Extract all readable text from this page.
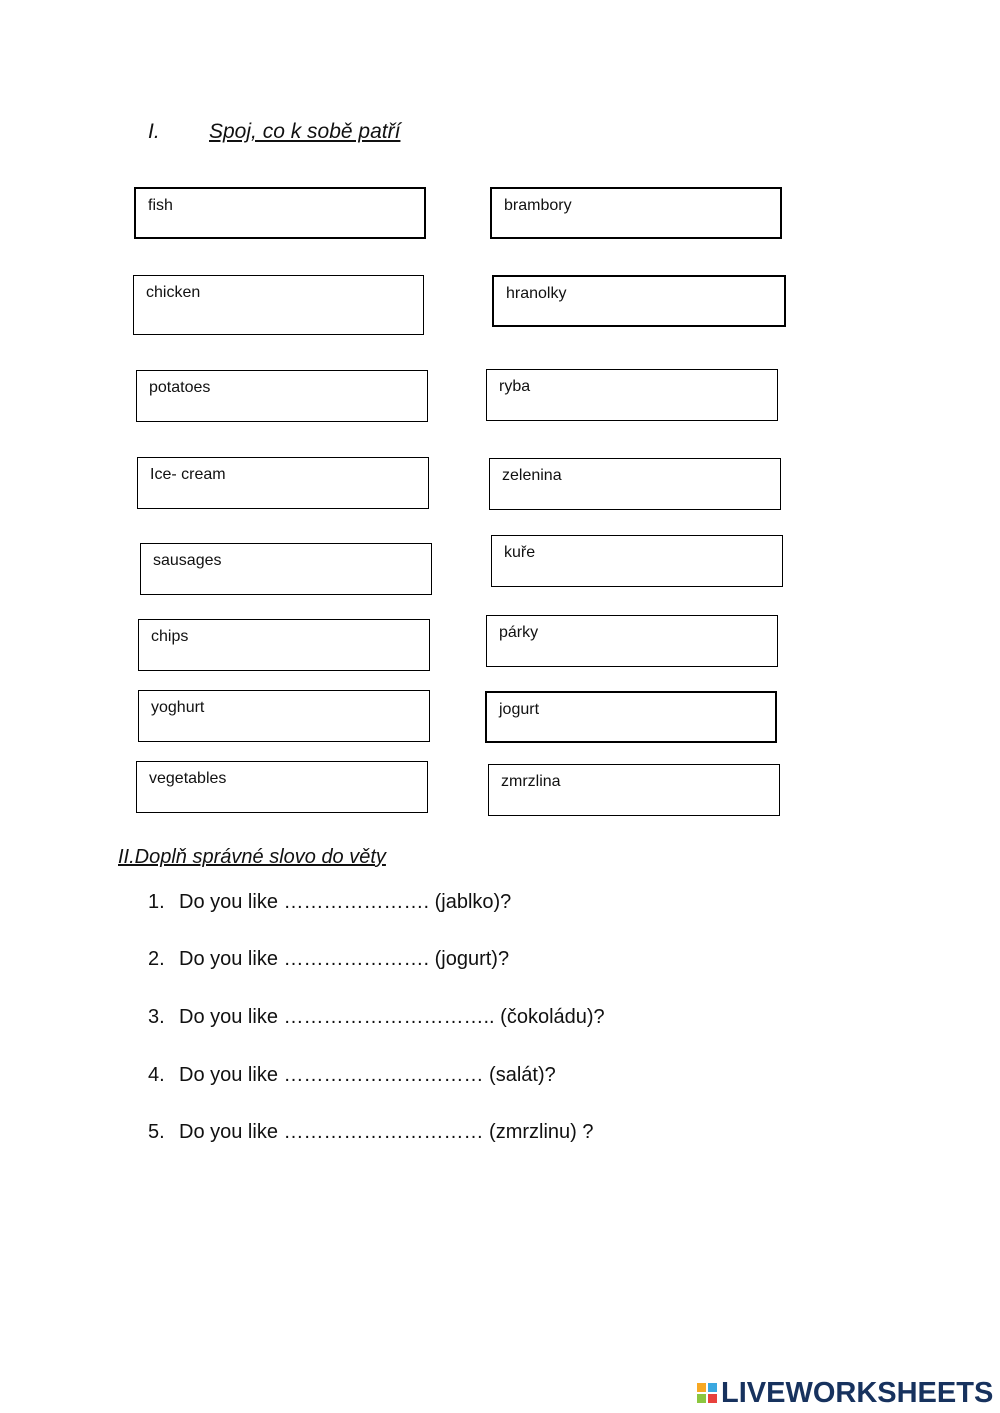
I. Spoj, co k sobě patří
fish
chicken
potatoes
Ice- cream
sausages
chips
yoghurt
vegetables
brambory
hranolky
ryba
zelenina
kuře
párky
jogurt
zmrzlina
II.Doplň správné slovo do věty
1. Do you like …………………. (jablko)?
2. Do you like …………………. (jogurt)?
3. Do you like ………………………….. (čokoládu)?
4. Do you like ………………………… (salát)?
5. Do you like ………………………… (zmrzlinu) ?
LIVEWORKSHEETS
